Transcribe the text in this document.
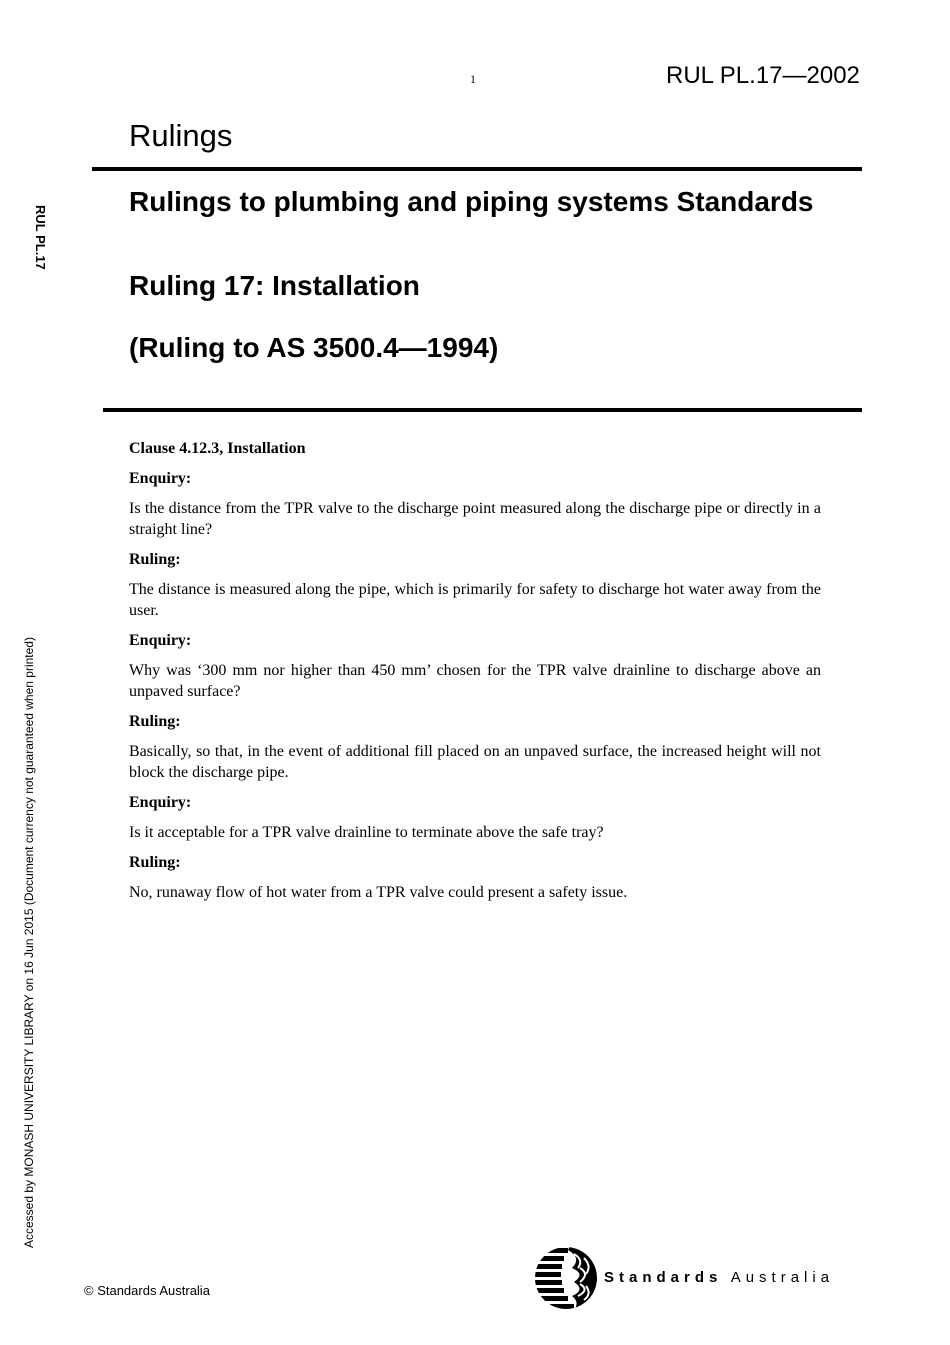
1	RUL PL.17—2002
Rulings
Rulings to plumbing and piping systems Standards
Ruling 17: Installation
(Ruling to AS 3500.4—1994)
RUL PL.17
Accessed by MONASH UNIVERSITY LIBRARY on 16 Jun 2015 (Document currency not guaranteed when printed)
Clause 4.12.3, Installation
Enquiry:
Is the distance from the TPR valve to the discharge point measured along the discharge pipe or directly in a straight line?
Ruling:
The distance is measured along the pipe, which is primarily for safety to discharge hot water away from the user.
Enquiry:
Why was ‘300 mm nor higher than 450 mm’ chosen for the TPR valve drainline to discharge above an unpaved surface?
Ruling:
Basically, so that, in the event of additional fill placed on an unpaved surface, the increased height will not block the discharge pipe.
Enquiry:
Is it acceptable for a TPR valve drainline to terminate above the safe tray?
Ruling:
No, runaway flow of hot water from a TPR valve could present a safety issue.
© Standards Australia
Standards Australia
